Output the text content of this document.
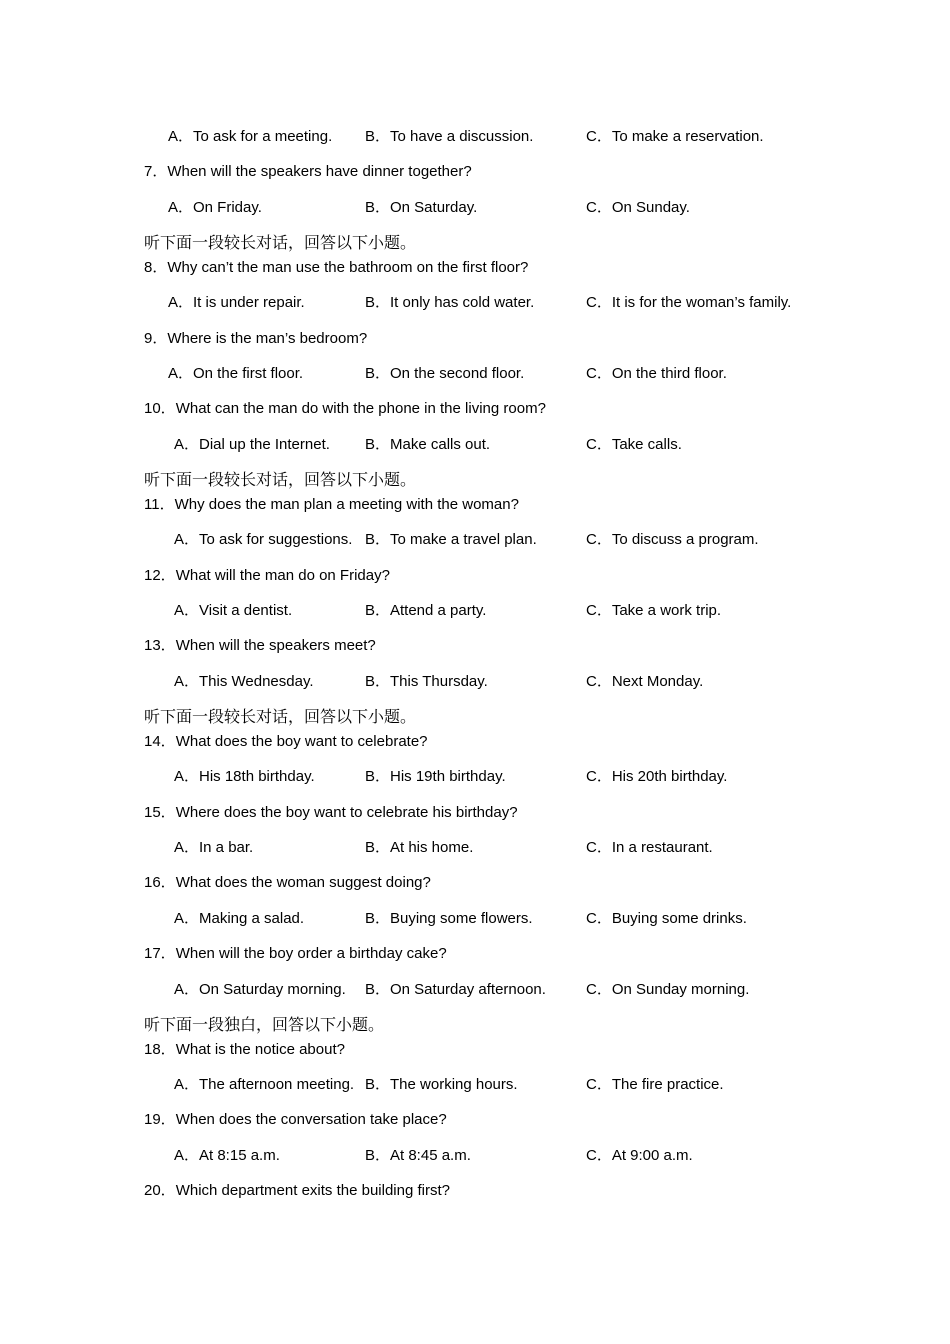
A．To ask for a meeting. B．To have a discussion.	C．To make a reservation.
7．When will the speakers have dinner together?
A．On Friday.	B．On Saturday.	C．On Sunday.
听下面一段较长对话，回答以下小题。
8．Why can’t the man use the bathroom on the first floor?
A．It is under repair.	B．It only has cold water.	C．It is for the woman’s family.
9．Where is the man’s bedroom?
A．On the first floor.	B．On the second floor.	C．On the third floor.
10．What can the man do with the phone in the living room?
A．Dial up the Internet. B．Make calls out.	C．Take calls.
听下面一段较长对话，回答以下小题。
11．Why does the man plan a meeting with the woman?
A．To ask for suggestions. B．To make a travel plan.	C．To discuss a program.
12．What will the man do on Friday?
A．Visit a dentist.	B．Attend a party.	C．Take a work trip.
13．When will the speakers meet?
A．This Wednesday.	B．This Thursday.	C．Next Monday.
听下面一段较长对话，回答以下小题。
14．What does the boy want to celebrate?
A．His 18th birthday.	B．His 19th birthday.	C．His 20th birthday.
15．Where does the boy want to celebrate his birthday?
A．In a bar.	B．At his home.	C．In a restaurant.
16．What does the woman suggest doing?
A．Making a salad.	B．Buying some flowers.	C．Buying some drinks.
17．When will the boy order a birthday cake?
A．On Saturday morning. B．On Saturday afternoon.	C．On Sunday morning.
听下面一段独白，回答以下小题。
18．What is the notice about?
A．The afternoon meeting. B．The working hours.	C．The fire practice.
19．When does the conversation take place?
A．At 8:15 a.m.	B．At 8:45 a.m.	C．At 9:00 a.m.
20．Which department exits the building first?
